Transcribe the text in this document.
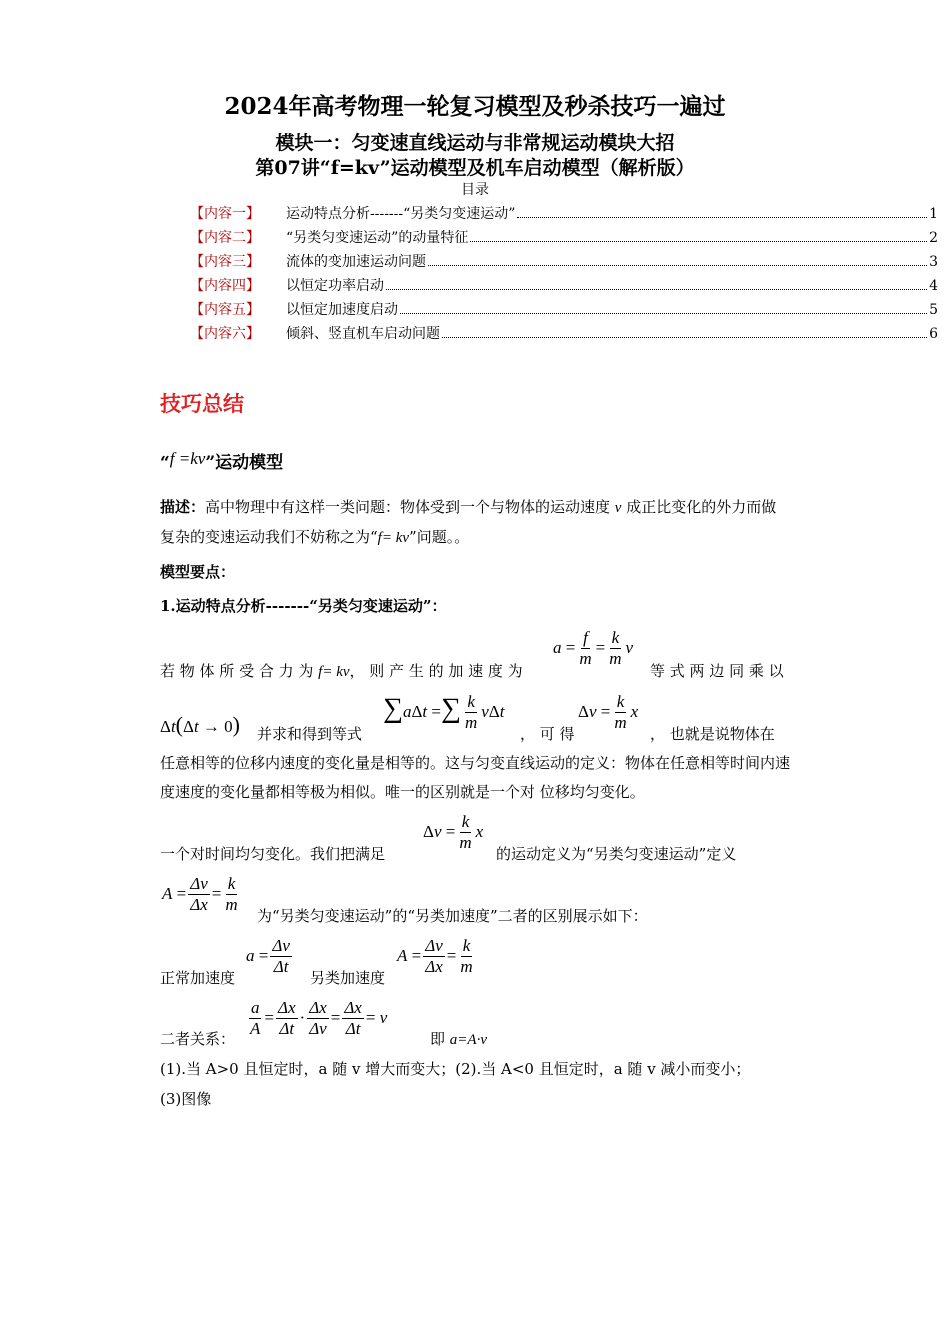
2024年高考物理一轮复习模型及秒杀技巧一遍过
模块一：匀变速直线运动与非常规运动模块大招
第07讲“f=kv”运动模型及机车启动模型（解析版）
目录
【内容一】	运动特点分析-------“另类匀变速运动”	1
【内容二】	“另类匀变速运动”的动量特征	2
【内容三】	流体的变加速运动问题	3
【内容四】	以恒定功率启动	4
【内容五】	以恒定加速度启动	5
【内容六】	倾斜、竖直机车启动问题	6
技巧总结
“f =kv”运动模型
描述：高中物理中有这样一类问题：物体受到一个与物体的运动速度 v 成正比变化的外力而做复杂的变速运动我们不妨称之为“f= kv”问题。。
模型要点：
1.运动特点分析-------“另类匀变速运动”：
若 物 体 所 受 合 力 为 f= kv， 则 产 生 的 加 速 度 为
$a = \frac{f}{m} = \frac{k}{m}$ v
等 式 两 边 同 乘 以
Δt(Δt → 0) 并求和得到等式
∑aΔt =∑ $\frac{k}{m}$ vΔt
， 可 得
$\Delta v = \frac{k}{m}$ x
， 也就是说物体在
任意相等的位移内速度的变化量是相等的。这与匀变直线运动的定义：物体在任意相等时间内速度速度的变化量都相等极为相似。唯一的区别就是一个对 位移均匀变化。
一个对时间均匀变化。我们把满足
$\Delta v = \frac{k}{m}$ x
的运动定义为“另类匀变速运动”定义
$A = \frac{\Delta v}{\Delta x} = \frac{k}{m}$
为“另类匀变速运动”的“另类加速度”二者的区别展示如下：
正常加速度
$a = \frac{\Delta v}{\Delta t}$
另类加速度
$A = \frac{\Delta v}{\Delta x} = \frac{k}{m}$
二者关系： $\frac{a}{A} = \frac{\Delta x}{\Delta t} \cdot \frac{\Delta x}{\Delta v} = \frac{\Delta x}{\Delta t} = v$
即 a=A·v
(1).当 A>0 且恒定时，a 随 v 增大而变大；(2).当 A<0 且恒定时，a 随 v 减小而变小；
(3)图像
